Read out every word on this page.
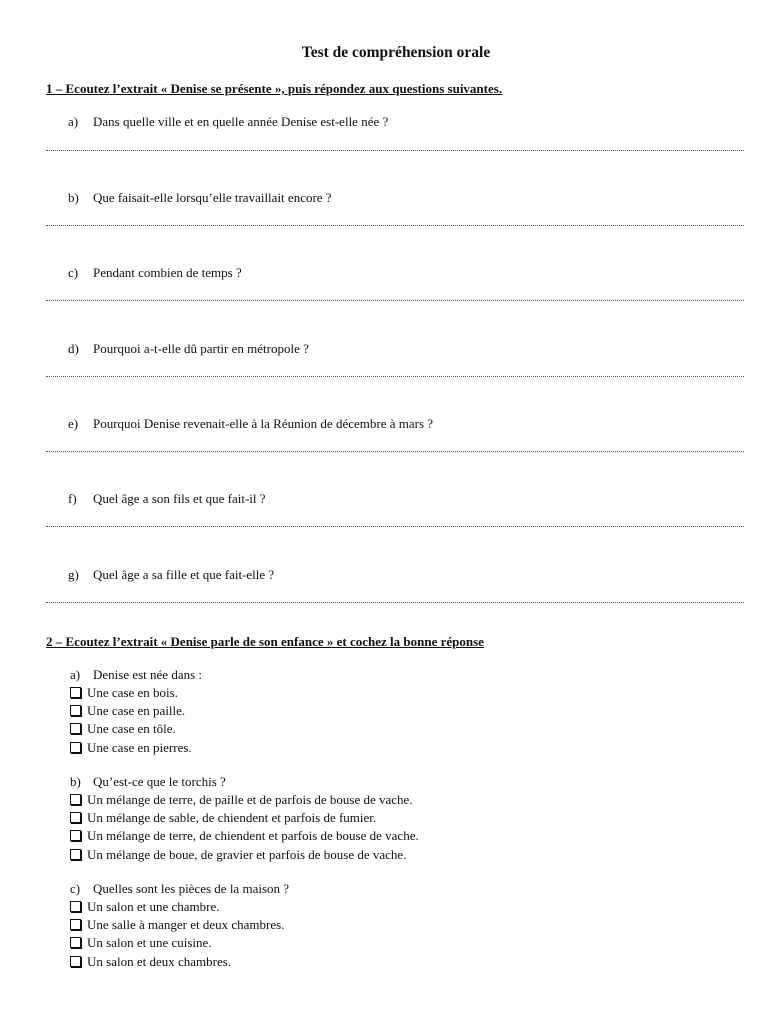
Test de compréhension orale
1 – Ecoutez l’extrait « Denise se présente », puis répondez aux questions suivantes.
a) Dans quelle ville et en quelle année Denise est-elle née ?
b) Que faisait-elle lorsqu’elle travaillait encore ?
c) Pendant combien de temps ?
d) Pourquoi a-t-elle dû partir en métropole ?
e) Pourquoi Denise revenait-elle à la Réunion de décembre à mars ?
f) Quel âge a son fils et que fait-il ?
g) Quel âge a sa fille et que fait-elle ?
2 – Ecoutez l’extrait « Denise parle de son enfance » et cochez la bonne réponse
a) Denise est née dans :
Une case en bois.
Une case en paille.
Une case en tôle.
Une case en pierres.
b) Qu’est-ce que le torchis ?
Un mélange de terre, de paille et de parfois de bouse de vache.
Un mélange de sable, de chiendent et parfois de fumier.
Un mélange de terre, de chiendent et parfois de bouse de vache.
Un mélange de boue, de gravier et parfois de bouse de vache.
c) Quelles sont les pièces de la maison ?
Un salon et une chambre.
Une salle à manger et deux chambres.
Un salon et une cuisine.
Un salon et deux chambres.
